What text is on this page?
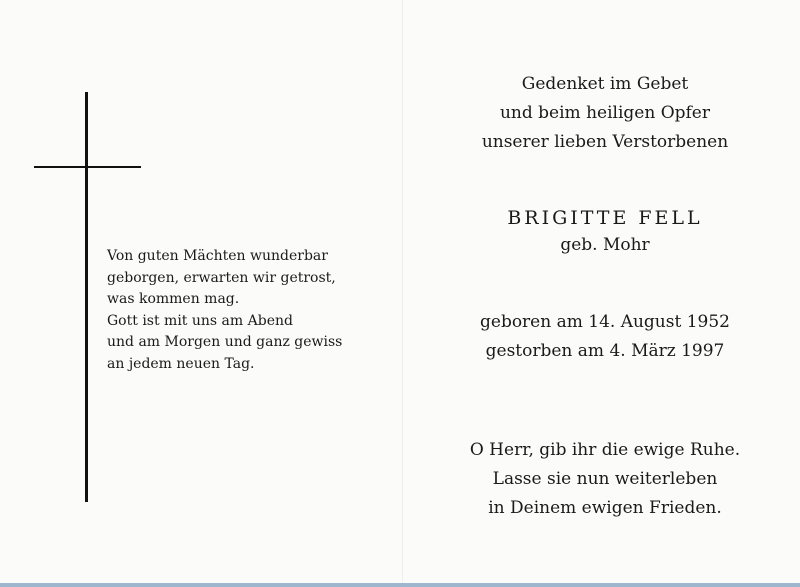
Von guten Mächten wunderbar
geborgen, erwarten wir getrost,
was kommen mag.
Gott ist mit uns am Abend
und am Morgen und ganz gewiss
an jedem neuen Tag.
Gedenket im Gebet
und beim heiligen Opfer
unserer lieben Verstorbenen
BRIGITTE FELL
geb. Mohr
geboren am 14. August 1952
gestorben am 4. März 1997
O Herr, gib ihr die ewige Ruhe.
Lasse sie nun weiterleben
in Deinem ewigen Frieden.
